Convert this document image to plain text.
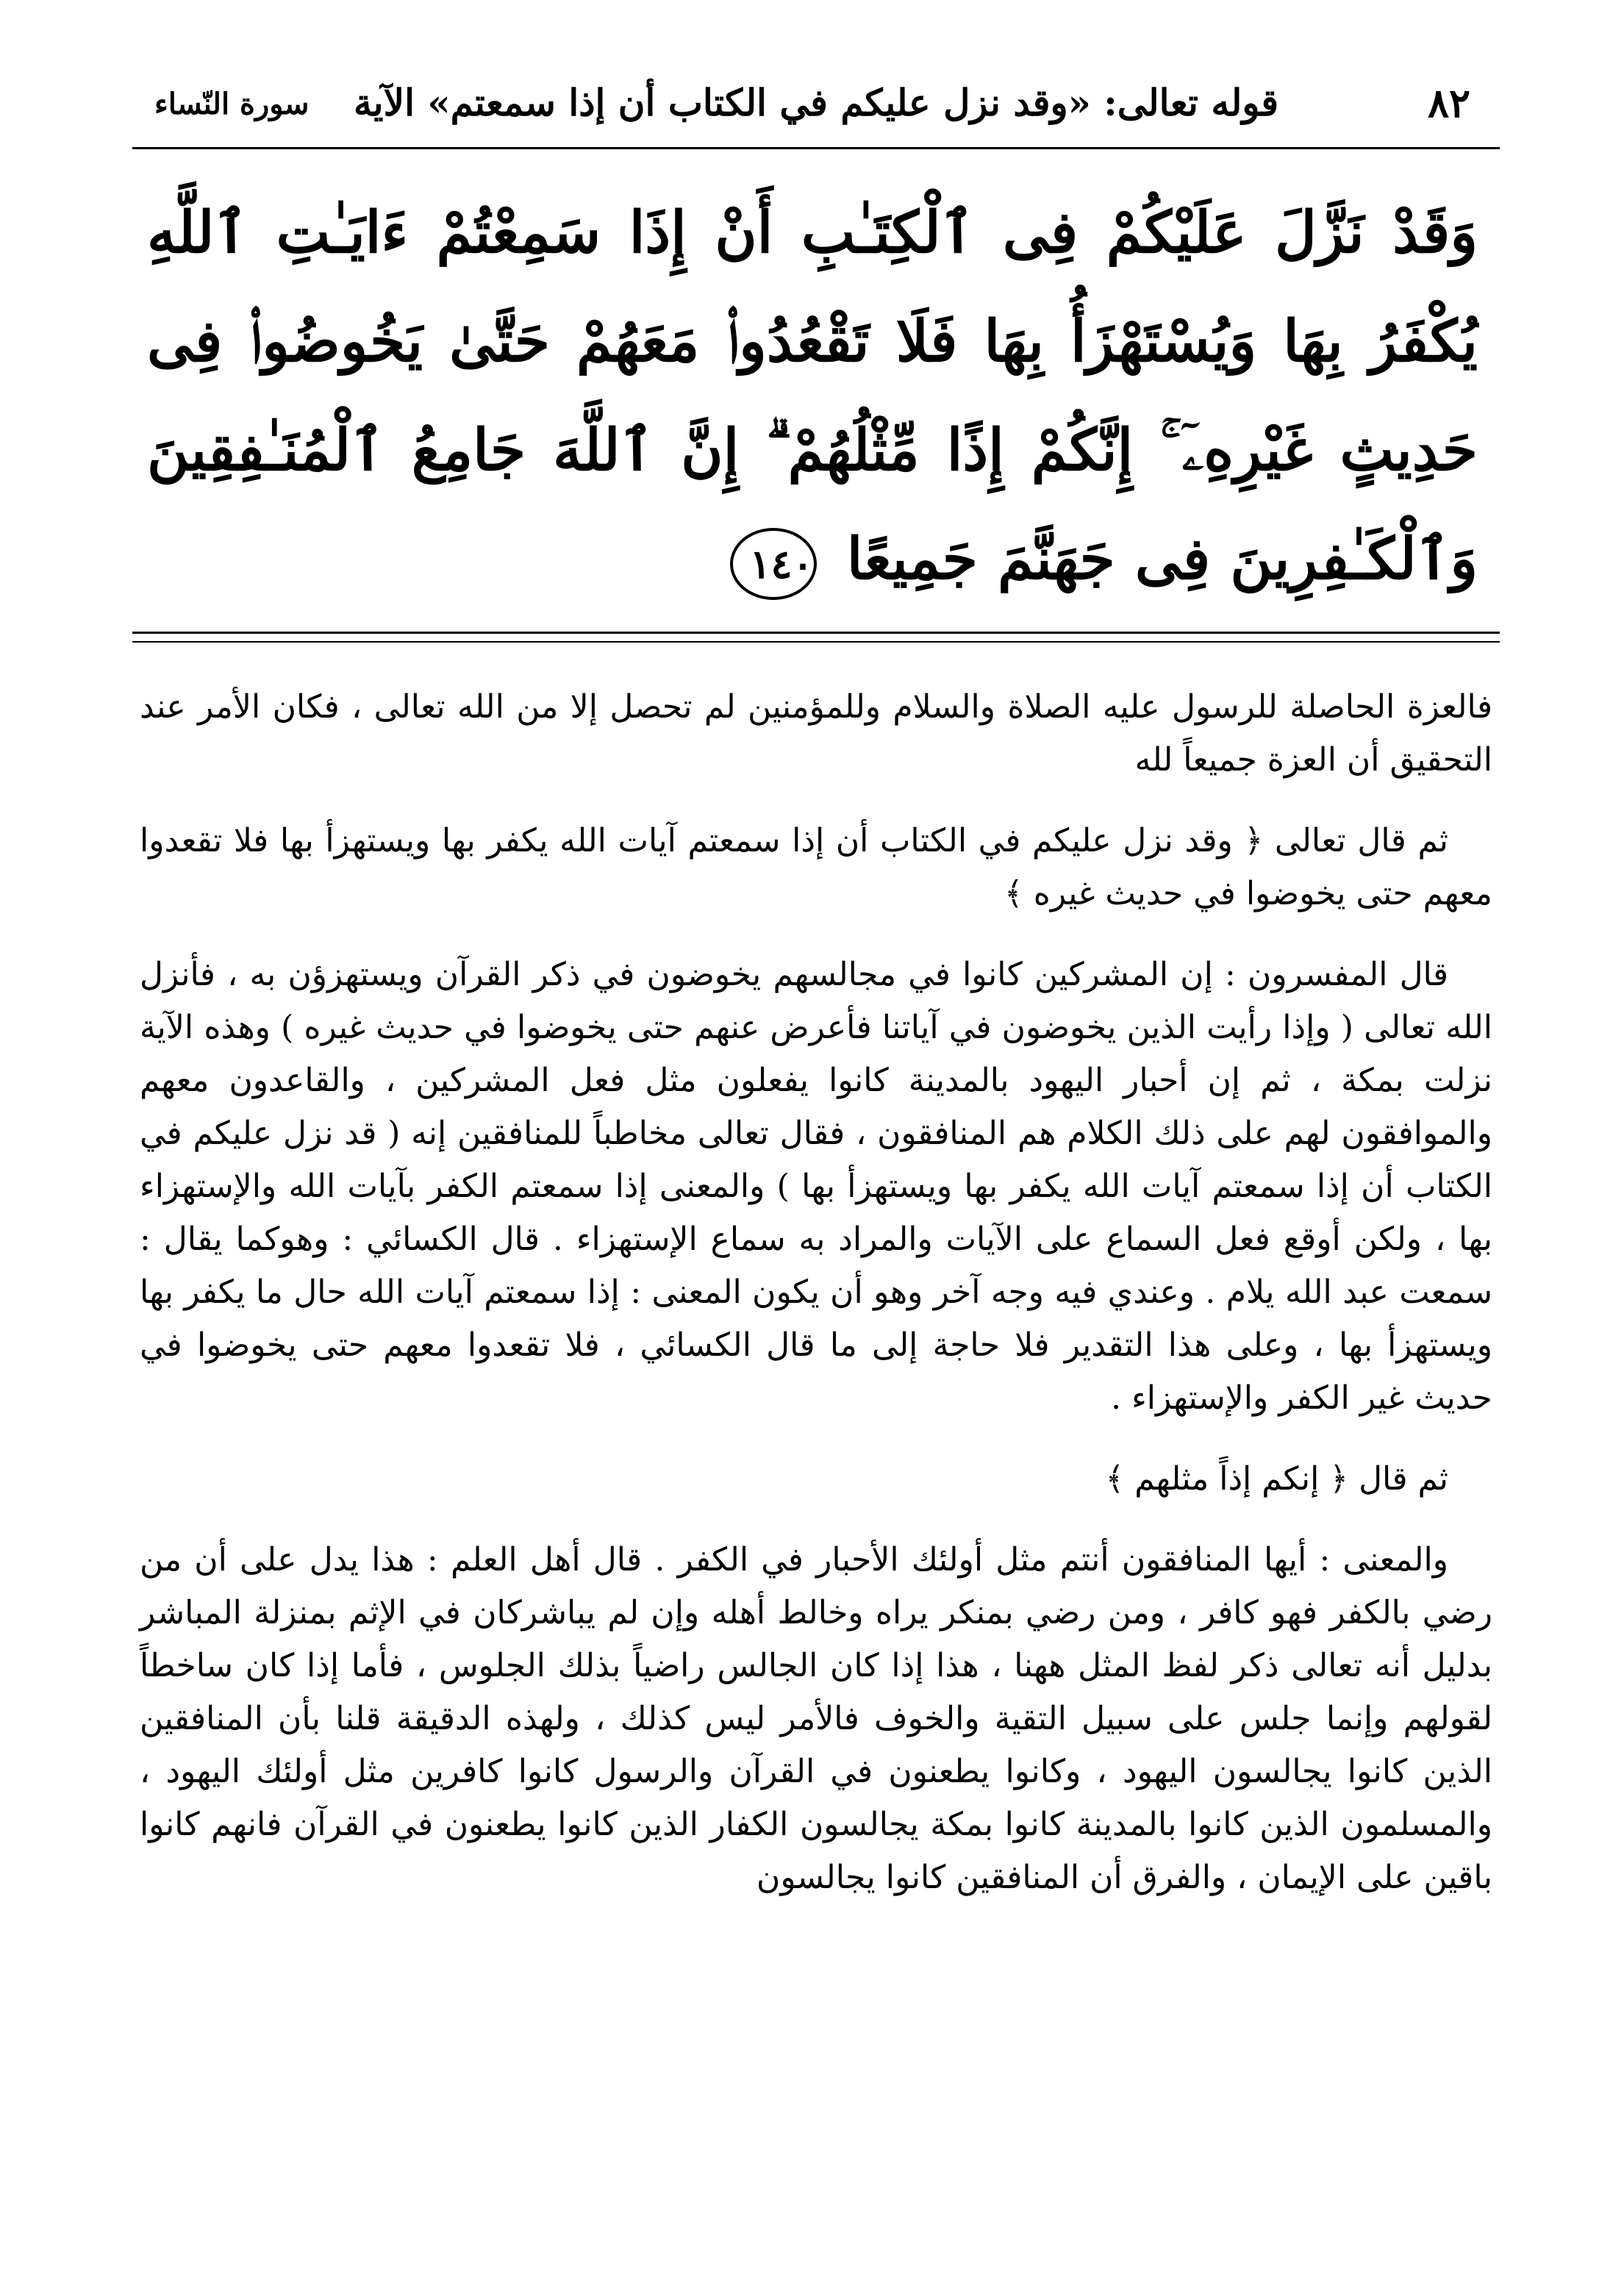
٨٢
قوله تعالى: «وقد نزل عليكم في الكتاب أن إذا سمعتم» الآية
سورة النّساء
وَقَدْ نَزَّلَ عَلَيْكُمْ فِى ٱلْكِتَـٰبِ أَنْ إِذَا سَمِعْتُمْ ءَايَـٰتِ ٱللَّهِ يُكْفَرُ بِهَا وَيُسْتَهْزَأُ بِهَا فَلَا تَقْعُدُوا۟ مَعَهُمْ حَتَّىٰ يَخُوضُوا۟ فِى حَدِيثٍ غَيْرِهِۦٓ ۚ إِنَّكُمْ إِذًا مِّثْلُهُمْ ۗ إِنَّ ٱللَّهَ جَامِعُ ٱلْمُنَـٰفِقِينَ وَٱلْكَـٰفِرِينَ فِى جَهَنَّمَ جَمِيعًا ١٤٠

فالعزة الحاصلة للرسول عليه الصلاة والسلام وللمؤمنين لم تحصل إلا من الله تعالى ، فكان الأمر عند التحقيق أن العزة جميعاً لله

ثم قال تعالى ﴿ وقد نزل عليكم في الكتاب أن إذا سمعتم آيات الله يكفر بها ويستهزأ بها فلا تقعدوا معهم حتى يخوضوا في حديث غيره ﴾

قال المفسرون : إن المشركين كانوا في مجالسهم يخوضون في ذكر القرآن ويستهزؤن به ، فأنزل الله تعالى ( وإذا رأيت الذين يخوضون في آياتنا فأعرض عنهم حتى يخوضوا في حديث غيره ) وهذه الآية نزلت بمكة ، ثم إن أحبار اليهود بالمدينة كانوا يفعلون مثل فعل المشركين ، والقاعدون معهم والموافقون لهم على ذلك الكلام هم المنافقون ، فقال تعالى مخاطباً للمنافقين إنه ( قد نزل عليكم في الكتاب أن إذا سمعتم آيات الله يكفر بها ويستهزأ بها ) والمعنى إذا سمعتم الكفر بآيات الله والإستهزاء بها ، ولكن أوقع فعل السماع على الآيات والمراد به سماع الإستهزاء . قال الكسائي : وهوكما يقال : سمعت عبد الله يلام . وعندي فيه وجه آخر وهو أن يكون المعنى : إذا سمعتم آيات الله حال ما يكفر بها ويستهزأ بها ، وعلى هذا التقدير فلا حاجة إلى ما قال الكسائي ، فلا تقعدوا معهم حتى يخوضوا في حديث غير الكفر والإستهزاء .

ثم قال ﴿ إنكم إذاً مثلهم ﴾

والمعنى : أيها المنافقون أنتم مثل أولئك الأحبار في الكفر . قال أهل العلم : هذا يدل على أن من رضي بالكفر فهو كافر ، ومن رضي بمنكر يراه وخالط أهله وإن لم يباشركان في الإثم بمنزلة المباشر بدليل أنه تعالى ذكر لفظ المثل ههنا ، هذا إذا كان الجالس راضياً بذلك الجلوس ، فأما إذا كان ساخطاً لقولهم وإنما جلس على سبيل التقية والخوف فالأمر ليس كذلك ، ولهذه الدقيقة قلنا بأن المنافقين الذين كانوا يجالسون اليهود ، وكانوا يطعنون في القرآن والرسول كانوا كافرين مثل أولئك اليهود ، والمسلمون الذين كانوا بالمدينة كانوا بمكة يجالسون الكفار الذين كانوا يطعنون في القرآن فانهم كانوا باقين على الإيمان ، والفرق أن المنافقين كانوا يجالسون
